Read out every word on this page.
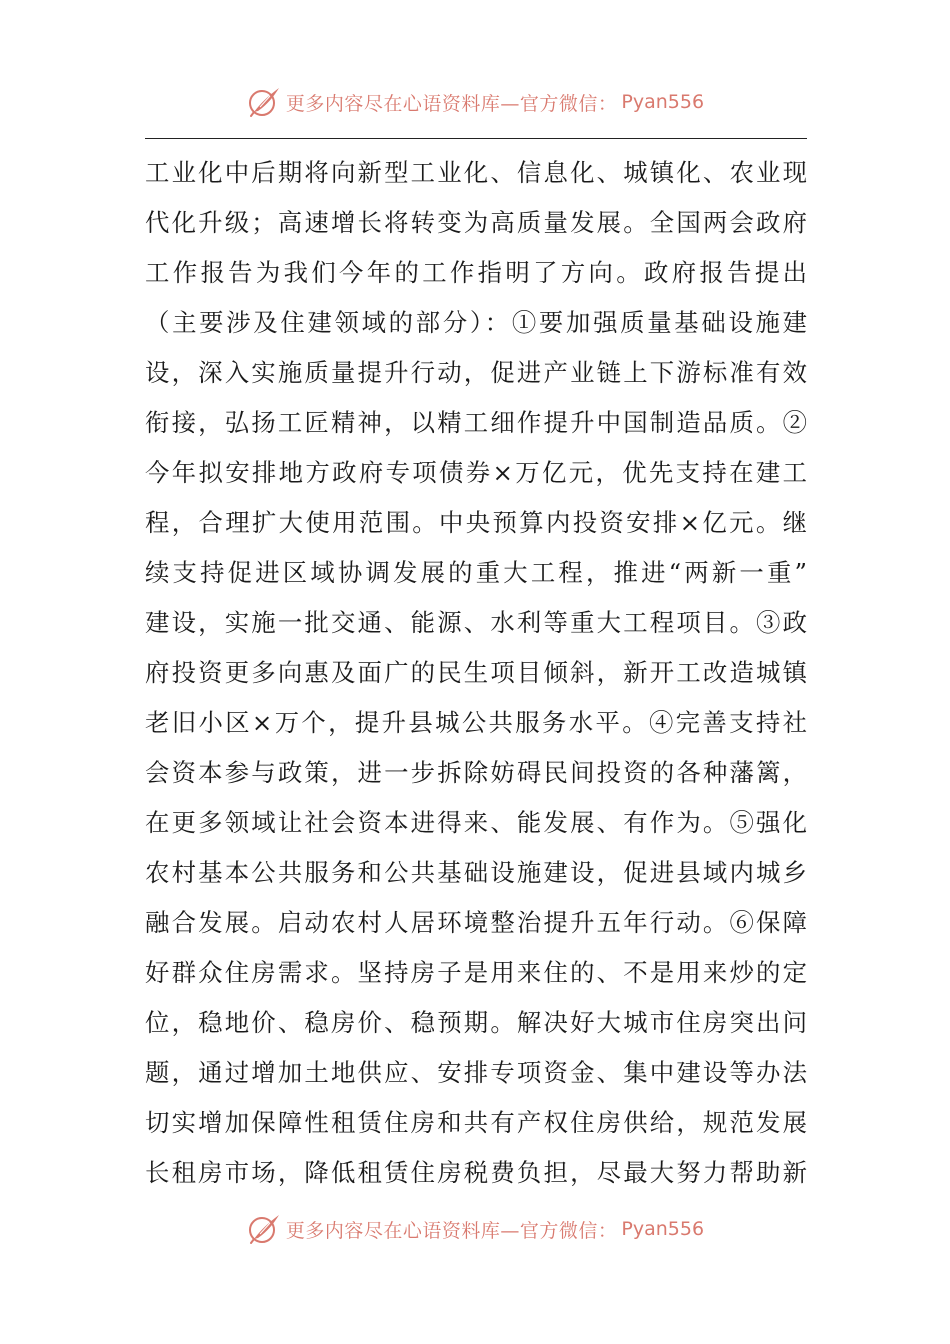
更多内容尽在心语资料库—官方微信： Pyan556
工业化中后期将向新型工业化、信息化、城镇化、农业现
代化升级；高速增长将转变为高质量发展。全国两会政府
工作报告为我们今年的工作指明了方向。政府报告提出
（主要涉及住建领域的部分）：①要加强质量基础设施建
设，深入实施质量提升行动，促进产业链上下游标准有效
衔接，弘扬工匠精神，以精工细作提升中国制造品质。②
今年拟安排地方政府专项债券×万亿元，优先支持在建工
程，合理扩大使用范围。中央预算内投资安排×亿元。继
续支持促进区域协调发展的重大工程，推进“两新一重”
建设，实施一批交通、能源、水利等重大工程项目。③政
府投资更多向惠及面广的民生项目倾斜，新开工改造城镇
老旧小区×万个，提升县城公共服务水平。④完善支持社
会资本参与政策，进一步拆除妨碍民间投资的各种藩篱，
在更多领域让社会资本进得来、能发展、有作为。⑤强化
农村基本公共服务和公共基础设施建设，促进县域内城乡
融合发展。启动农村人居环境整治提升五年行动。⑥保障
好群众住房需求。坚持房子是用来住的、不是用来炒的定
位，稳地价、稳房价、稳预期。解决好大城市住房突出问
题，通过增加土地供应、安排专项资金、集中建设等办法
切实增加保障性租赁住房和共有产权住房供给，规范发展
长租房市场，降低租赁住房税费负担，尽最大努力帮助新
更多内容尽在心语资料库—官方微信： Pyan556
